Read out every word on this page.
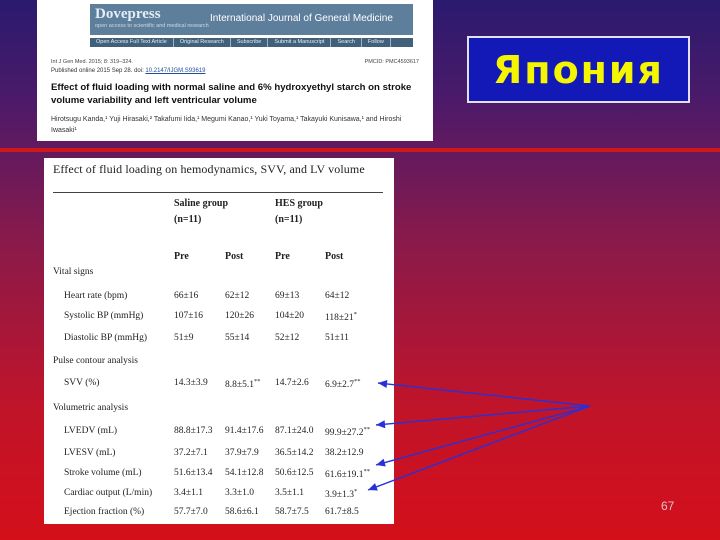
Dovepress
open access to scientific and medical research
International Journal of General Medicine
Open Access Full Text Article	Original Research	Subscribe	Submit a Manuscript	Search	Follow
Int J Gen Med. 2015; 8: 319–324.	PMCID: PMC4593617
Published online 2015 Sep 28. doi: 10.2147/IJGM.S93619
Effect of fluid loading with normal saline and 6% hydroxyethyl starch on stroke volume variability and left ventricular volume
Hirotsugu Kanda,¹ Yuji Hirasaki,² Takafumi Iida,¹ Megumi Kanao,¹ Yuki Toyama,¹ Takayuki Kunisawa,¹ and Hiroshi Iwasaki¹
Япония
Effect of fluid loading on hemodynamics, SVV, and LV volume
Saline group
(n=11)
HES group
(n=11)
Pre	Post	Pre	Post
Vital signs
Heart rate (bpm)	66±16	62±12	69±13	64±12
Systolic BP (mmHg)	107±16 120±26 104±20 118±21*
Diastolic BP (mmHg)	51±9	55±14	52±12	51±11
Pulse contour analysis
SVV (%)	14.3±3.9 8.8±5.1** 14.7±2.6 6.9±2.7**
Volumetric analysis
LVEDV (mL)	88.8±17.3 91.4±17.6 87.1±24.0 99.9±27.2**
LVESV (mL)	37.2±7.1 37.9±7.9 36.5±14.2 38.2±12.9
Stroke volume (mL)	51.6±13.4 54.1±12.8 50.6±12.5 61.6±19.1**
Cardiac output (L/min) 3.4±1.1 3.3±1.0 3.5±1.1 3.9±1.3*
Ejection fraction (%)	57.7±7.0 58.6±6.1 58.7±7.5 61.7±8.5	67
